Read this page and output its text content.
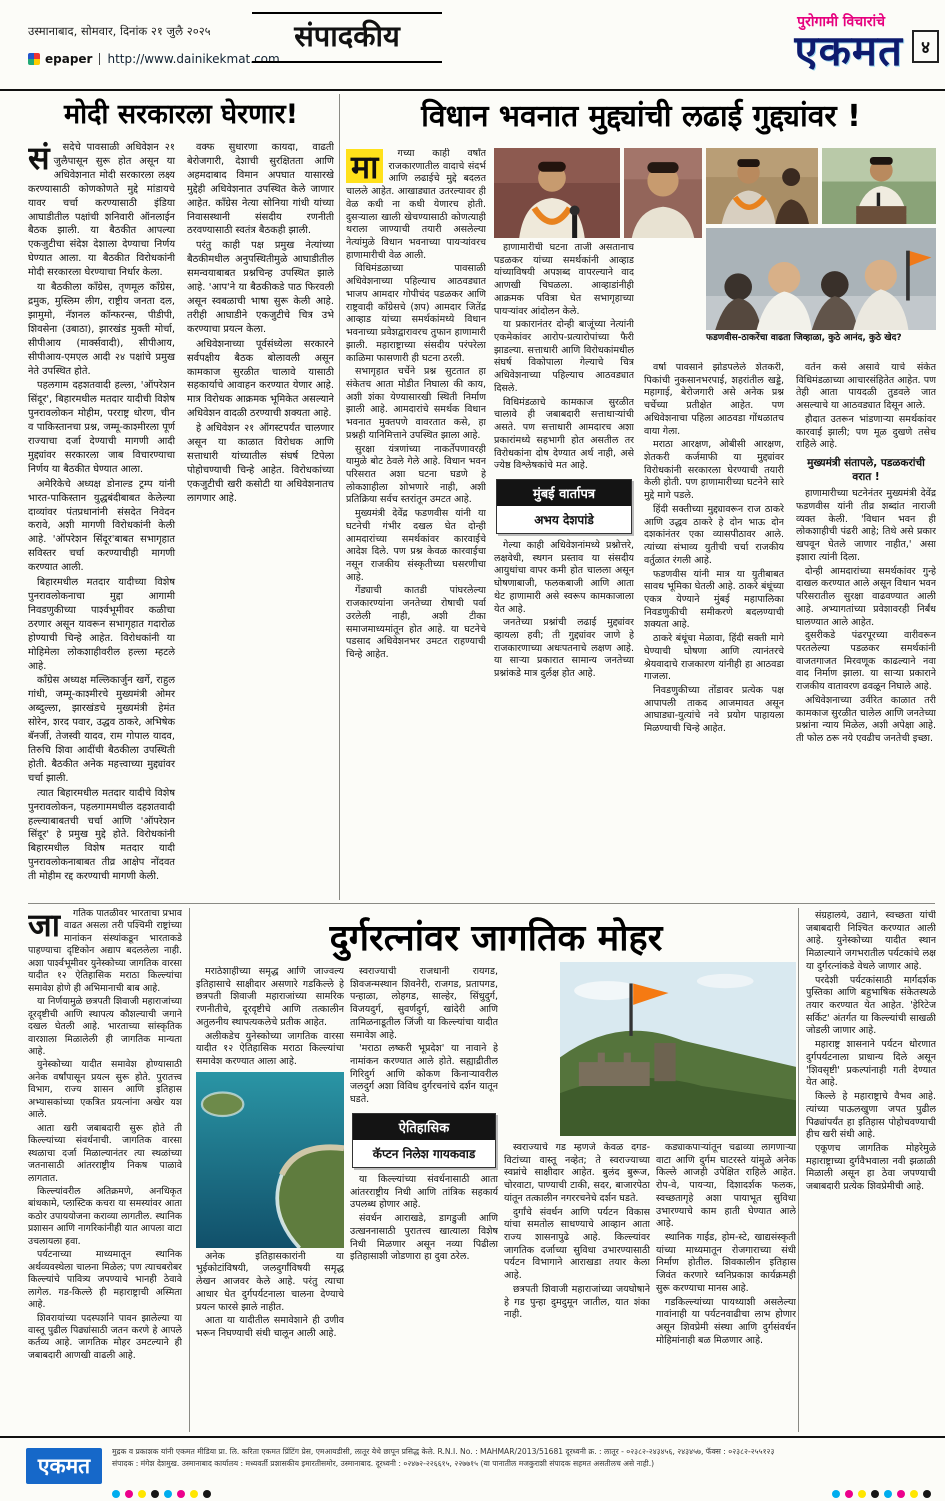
उस्मानाबाद, सोमवार, दिनांक २१ जुलै २०२५
epaper http://www.dainikekmat.com
संपादकीय	पुरोगामी विचारांचे
एकमत	४
मोदी सरकारला घेरणार!

सं	सदेचे पावसाळी अधिवेशन २१ जुलैपासून सुरू होत असून या अधिवेशनात मोदी सरकारला लक्ष्य करण्यासाठी कोणकोणते मुद्दे मांडायचे यावर चर्चा करण्यासाठी इंडिया आघाडीतील पक्षांची शनिवारी ऑनलाईन बैठक झाली. या बैठकीत आपल्या एकजुटीचा संदेश देशाला देण्याचा निर्णय घेण्यात आला. या बैठकीत विरोधकांनी मोदी सरकारला घेरण्याचा निर्धार केला.

या बैठकीला काँग्रेस, तृणमूल काँग्रेस, द्रमुक, मुस्लिम लीग, राष्ट्रीय जनता दल, झामुमो, नॅशनल कॉन्फरन्स, पीडीपी, शिवसेना (उबाठा), झारखंड मुक्ती मोर्चा, सीपीआय (मार्क्सवादी), सीपीआय, सीपीआय-एमएल आदी २४ पक्षांचे प्रमुख नेते उपस्थित होते.

पहलगाम दहशतवादी हल्ला, 'ऑपरेशन सिंदूर', बिहारमधील मतदार यादीची विशेष पुनरावलोकन मोहीम, परराष्ट्र धोरण, चीन व पाकिस्तानचा प्रश्न, जम्मू-काश्मीरला पूर्ण राज्याचा दर्जा देण्याची मागणी आदी मुद्द्यांवर सरकारला जाब विचारण्याचा निर्णय या बैठकीत घेण्यात आला.

अमेरिकेचे अध्यक्ष डोनाल्ड ट्रम्प यांनी भारत-पाकिस्तान युद्धबंदीबाबत केलेल्या दाव्यांवर पंतप्रधानांनी संसदेत निवेदन करावे, अशी मागणी विरोधकांनी केली आहे. 'ऑपरेशन सिंदूर'बाबत सभागृहात सविस्तर चर्चा करण्याचीही मागणी करण्यात आली.

बिहारमधील मतदार यादीच्या विशेष पुनरावलोकनाचा मुद्दा आगामी निवडणुकीच्या पार्श्वभूमीवर कळीचा ठरणार असून यावरून सभागृहात गदारोळ होण्याची चिन्हे आहेत. विरोधकांनी या मोहिमेला लोकशाहीवरील हल्ला म्हटले आहे.

काँग्रेस अध्यक्ष मल्लिकार्जुन खर्गे, राहुल गांधी, जम्मू-काश्मीरचे मुख्यमंत्री ओमर अब्दुल्ला, झारखंडचे मुख्यमंत्री हेमंत सोरेन, शरद पवार, उद्धव ठाकरे, अभिषेक बॅनर्जी, तेजस्वी यादव, राम गोपाल यादव, तिरुचि शिवा आदींची बैठकीला उपस्थिती होती. बैठकीत अनेक महत्त्वाच्या मुद्द्यांवर चर्चा झाली.

त्यात बिहारमधील मतदार यादीचे विशेष पुनरावलोकन, पहलगाममधील दहशतवादी हल्ल्याबाबतची चर्चा आणि 'ऑपरेशन सिंदूर' हे प्रमुख मुद्दे होते. विरोधकांनी बिहारमधील विशेष मतदार यादी पुनरावलोकनाबाबत तीव्र आक्षेप नोंदवत ती मोहीम रद्द करण्याची मागणी केली.

वक्फ सुधारणा कायदा, वाढती बेरोजगारी, देशाची सुरक्षितता आणि अहमदाबाद विमान अपघात यासारखे मुद्देही अधिवेशनात उपस्थित केले जाणार आहेत. काँग्रेस नेत्या सोनिया गांधी यांच्या निवासस्थानी संसदीय रणनीती ठरवण्यासाठी स्वतंत्र बैठकही झाली.

परंतु काही पक्ष प्रमुख नेत्यांच्या बैठकीमधील अनुपस्थितीमुळे आघाडीतील समन्वयाबाबत प्रश्नचिन्ह उपस्थित झाले आहे. 'आप'ने या बैठकीकडे पाठ फिरवली असून स्वबळाची भाषा सुरू केली आहे. तरीही आघाडीने एकजुटीचे चित्र उभे करण्याचा प्रयत्न केला.

अधिवेशनाच्या पूर्वसंध्येला सरकारने सर्वपक्षीय बैठक बोलावली असून कामकाज सुरळीत चालावे यासाठी सहकार्याचे आवाहन करण्यात येणार आहे. मात्र विरोधक आक्रमक भूमिकेत असल्याने अधिवेशन वादळी ठरण्याची शक्यता आहे.

हे अधिवेशन २१ ऑगस्टपर्यंत चालणार असून या काळात विरोधक आणि सत्ताधारी यांच्यातील संघर्ष टिपेला पोहोचण्याची चिन्हे आहेत. विरोधकांच्या एकजुटीची खरी कसोटी या अधिवेशनातच लागणार आहे.

विधान भवनात मुद्द्यांची लढाई गुद्द्यांवर !

मा	गच्या काही वर्षांत राजकारणातील वादाचे संदर्भ आणि लढाईचे मुद्दे बदलत चालले आहेत. आखाड्यात उतरल्यावर ही वेळ कधी ना कधी येणारच होती. दुसऱ्याला खाली खेचण्यासाठी कोणत्याही थराला जाण्याची तयारी असलेल्या नेत्यांमुळे विधान भवनाच्या पायऱ्यांवरच हाणामारीची वेळ आली.

विधिमंडळाच्या पावसाळी अधिवेशनाच्या पहिल्याच आठवड्यात भाजप आमदार गोपीचंद पडळकर आणि राष्ट्रवादी काँग्रेसचे (शप) आमदार जितेंद्र आव्हाड यांच्या समर्थकांमध्ये विधान भवनाच्या प्रवेशद्वारावरच तुफान हाणामारी झाली. महाराष्ट्राच्या संसदीय परंपरेला काळिमा फासणारी ही घटना ठरली.

सभागृहात चर्चेने प्रश्न सुटतात हा संकेतच आता मोडीत निघाला की काय, अशी शंका येण्यासारखी स्थिती निर्माण झाली आहे. आमदारांचे समर्थक विधान भवनात मुक्तपणे वावरतात कसे, हा प्रश्नही यानिमित्ताने उपस्थित झाला आहे.

सुरक्षा यंत्रणांच्या नाकर्तेपणावरही यामुळे बोट ठेवले गेले आहे. विधान भवन परिसरात अशा घटना घडणे हे लोकशाहीला शोभणारे नाही, अशी प्रतिक्रिया सर्वच स्तरांतून उमटत आहे.

मुख्यमंत्री देवेंद्र फडणवीस यांनी या घटनेची गंभीर दखल घेत दोन्ही आमदारांच्या समर्थकांवर कारवाईचे आदेश दिले. पण प्रश्न केवळ कारवाईचा नसून राजकीय संस्कृतीच्या घसरणीचा आहे.

गेंड्याची कातडी पांघरलेल्या राजकारण्यांना जनतेच्या रोषाची पर्वा उरलेली नाही, अशी टीका समाजमाध्यमांतून होत आहे. या घटनेचे पडसाद अधिवेशनभर उमटत राहण्याची चिन्हे आहेत.

फडणवीस-ठाकरेंचा वाढता जिव्हाळा, कुठे आनंद, कुठे खेद?

हाणामारीची घटना ताजी असतानाच पडळकर यांच्या समर्थकांनी आव्हाड यांच्याविषयी अपशब्द वापरल्याने वाद आणखी चिघळला. आव्हाडांनीही आक्रमक पवित्रा घेत सभागृहाच्या पायऱ्यांवर आंदोलन केले.

या प्रकारानंतर दोन्ही बाजूंच्या नेत्यांनी एकमेकांवर आरोप-प्रत्यारोपांच्या फैरी झाडल्या. सत्ताधारी आणि विरोधकांमधील संघर्ष विकोपाला गेल्याचे चित्र अधिवेशनाच्या पहिल्याच आठवड्यात दिसले.

विधिमंडळाचे कामकाज सुरळीत चालावे ही जबाबदारी सत्ताधाऱ्यांची असते. पण सत्ताधारी आमदारच अशा प्रकारांमध्ये सहभागी होत असतील तर विरोधकांना दोष देण्यात अर्थ नाही, असे ज्येष्ठ विश्लेषकांचे मत आहे.

मुंबई वार्तापत्र
अभय देशपांडे

गेल्या काही अधिवेशनांमध्ये प्रश्नोत्तरे, लक्षवेधी, स्थगन प्रस्ताव या संसदीय आयुधांचा वापर कमी होत चालला असून घोषणाबाजी, फलकबाजी आणि आता थेट हाणामारी असे स्वरूप कामकाजाला येत आहे.

जनतेच्या प्रश्नांची लढाई मुद्द्यांवर व्हायला हवी; ती गुद्द्यांवर जाणे हे राजकारणाच्या अधःपतनाचे लक्षण आहे. या साऱ्या प्रकारात सामान्य जनतेच्या प्रश्नांकडे मात्र दुर्लक्ष होत आहे.

वर्षा पावसाने झोडपलेले शेतकरी, पिकांची नुकसानभरपाई, शहरांतील खड्डे, महागाई, बेरोजगारी असे अनेक प्रश्न चर्चेच्या प्रतीक्षेत आहेत. पण अधिवेशनाचा पहिला आठवडा गोंधळातच वाया गेला.

मराठा आरक्षण, ओबीसी आरक्षण, शेतकरी कर्जमाफी या मुद्द्यांवर विरोधकांनी सरकारला घेरण्याची तयारी केली होती. पण हाणामारीच्या घटनेने सारे मुद्दे मागे पडले.

हिंदी सक्तीच्या मुद्द्यावरून राज ठाकरे आणि उद्धव ठाकरे हे दोन भाऊ दोन दशकांनंतर एका व्यासपीठावर आले. त्यांच्या संभाव्य युतीची चर्चा राजकीय वर्तुळात रंगली आहे.

फडणवीस यांनी मात्र या युतीबाबत सावध भूमिका घेतली आहे. ठाकरे बंधूंच्या एकत्र येण्याने मुंबई महापालिका निवडणुकीची समीकरणे बदलण्याची शक्यता आहे.

ठाकरे बंधूंचा मेळावा, हिंदी सक्ती मागे घेण्याची घोषणा आणि त्यानंतरचे श्रेयवादाचे राजकारण यांनीही हा आठवडा गाजला.

निवडणुकीच्या तोंडावर प्रत्येक पक्ष आपापली ताकद आजमावत असून आघाड्या-युत्यांचे नवे प्रयोग पाहायला मिळण्याची चिन्हे आहेत.

वर्तन कसे असावे याचे संकेत विधिमंडळाच्या आचारसंहितेत आहेत. पण तेही आता पायदळी तुडवले जात असल्याचे या आठवड्यात दिसून आले.

हौदात उतरून भांडणाऱ्या समर्थकांवर कारवाई झाली; पण मूळ दुखणे तसेच राहिले आहे.

मुख्यमंत्री संतापले, पडळकरांची वरात !

हाणामारीच्या घटनेनंतर मुख्यमंत्री देवेंद्र फडणवीस यांनी तीव्र शब्दांत नाराजी व्यक्त केली. 'विधान भवन ही लोकशाहीची पंढरी आहे; तिथे असे प्रकार खपवून घेतले जाणार नाहीत,' असा इशारा त्यांनी दिला.

दोन्ही आमदारांच्या समर्थकांवर गुन्हे दाखल करण्यात आले असून विधान भवन परिसरातील सुरक्षा वाढवण्यात आली आहे. अभ्यागतांच्या प्रवेशावरही निर्बंध घालण्यात आले आहेत.

दुसरीकडे पंढरपूरच्या वारीवरून परतलेल्या पडळकर समर्थकांनी वाजतगाजत मिरवणूक काढल्याने नवा वाद निर्माण झाला. या साऱ्या प्रकाराने राजकीय वातावरण ढवळून निघाले आहे.

अधिवेशनाच्या उर्वरित काळात तरी कामकाज सुरळीत चालेल आणि जनतेच्या प्रश्नांना न्याय मिळेल, अशी अपेक्षा आहे. ती फोल ठरू नये एवढीच जनतेची इच्छा.

जा	गतिक पातळीवर भारताचा प्रभाव वाढत असला तरी पश्चिमी राष्ट्रांच्या मानांकन संस्थांकडून भारताकडे पाहण्याचा दृष्टिकोन अद्याप बदललेला नाही. अशा पार्श्वभूमीवर युनेस्कोच्या जागतिक वारसा यादीत १२ ऐतिहासिक मराठा किल्ल्यांचा समावेश होणे ही अभिमानाची बाब आहे.

या निर्णयामुळे छत्रपती शिवाजी महाराजांच्या दूरदृष्टीची आणि स्थापत्य कौशल्याची जगाने दखल घेतली आहे. भारताच्या सांस्कृतिक वारशाला मिळालेली ही जागतिक मान्यता आहे.

युनेस्कोच्या यादीत समावेश होण्यासाठी अनेक वर्षांपासून प्रयत्न सुरू होते. पुरातत्त्व विभाग, राज्य शासन आणि इतिहास अभ्यासकांच्या एकत्रित प्रयत्नांना अखेर यश आले.

आता खरी जबाबदारी सुरू होते ती किल्ल्यांच्या संवर्धनाची. जागतिक वारसा स्थळाचा दर्जा मिळाल्यानंतर त्या स्थळांच्या जतनासाठी आंतरराष्ट्रीय निकष पाळावे लागतात.

किल्ल्यांवरील अतिक्रमणे, अनधिकृत बांधकामे, प्लास्टिक कचरा या समस्यांवर आता कठोर उपाययोजना कराव्या लागतील. स्थानिक प्रशासन आणि नागरिकांनीही यात आपला वाटा उचलायला हवा.

पर्यटनाच्या माध्यमातून स्थानिक अर्थव्यवस्थेला चालना मिळेल; पण त्याचबरोबर किल्ल्यांचे पावित्र्य जपण्याचे भानही ठेवावे लागेल. गड-किल्ले ही महाराष्ट्राची अस्मिता आहे.

शिवरायांच्या पदस्पर्शाने पावन झालेल्या या वास्तू पुढील पिढ्यांसाठी जतन करणे हे आपले कर्तव्य आहे. जागतिक मोहर उमटल्याने ही जबाबदारी आणखी वाढली आहे.

दुर्गरत्नांवर जागतिक मोहर

मराठेशाहीच्या समृद्ध आणि जाज्वल्य इतिहासाचे साक्षीदार असणारे गडकिल्ले हे छत्रपती शिवाजी महाराजांच्या सामरिक रणनीतीचे, दूरदृष्टीचे आणि तत्कालीन अतुलनीय स्थापत्यकलेचे प्रतीक आहेत.

अलीकडेच युनेस्कोच्या जागतिक वारसा यादीत १२ ऐतिहासिक मराठा किल्ल्यांचा समावेश करण्यात आला आहे.

अनेक इतिहासकारांनी या भुईकोटांविषयी, जलदुर्गांविषयी समृद्ध लेखन आजवर केले आहे. परंतु त्याचा आधार घेत दुर्गपर्यटनाला चालना देण्याचे प्रयत्न फारसे झाले नाहीत.

आता या यादीतील समावेशाने ही उणीव भरून निघण्याची संधी चालून आली आहे.

स्वराज्याची राजधानी रायगड, शिवजन्मस्थान शिवनेरी, राजगड, प्रतापगड, पन्हाळा, लोहगड, साल्हेर, सिंधुदुर्ग, विजयदुर्ग, सुवर्णदुर्ग, खांदेरी आणि तामिळनाडूतील जिंजी या किल्ल्यांचा यादीत समावेश आहे.

'मराठा लष्करी भूप्रदेश' या नावाने हे नामांकन करण्यात आले होते. सह्याद्रीतील गिरिदुर्ग आणि कोकण किनाऱ्यावरील जलदुर्ग अशा विविध दुर्गरचनांचे दर्शन यातून घडते.

ऐतिहासिक
कॅप्टन निलेश गायकवाड

या किल्ल्यांच्या संवर्धनासाठी आता आंतरराष्ट्रीय निधी आणि तांत्रिक सहकार्य उपलब्ध होणार आहे.

संवर्धन आराखडे, डागडुजी आणि उत्खननासाठी पुरातत्त्व खात्याला विशेष निधी मिळणार असून नव्या पिढीला इतिहासाशी जोडणारा हा दुवा ठरेल.

स्वराज्याचे गड म्हणजे केवळ दगड-विटांच्या वास्तू नव्हेत; ते स्वराज्याच्या स्वप्नांचे साक्षीदार आहेत. बुलंद बुरूज, चोरवाटा, पाण्याची टाकी, सदर, बाजारपेठा यांतून तत्कालीन नगररचनेचे दर्शन घडते.

दुर्गांचे संवर्धन आणि पर्यटन विकास यांचा समतोल साधण्याचे आव्हान आता राज्य शासनापुढे आहे. किल्ल्यांवर जागतिक दर्जाच्या सुविधा उभारण्यासाठी पर्यटन विभागाने आराखडा तयार केला आहे.

छत्रपती शिवाजी महाराजांच्या जयघोषाने हे गड पुन्हा दुमदुमून जातील, यात शंका नाही.

कड्याकपाऱ्यांतून चढाव्या लागणाऱ्या वाटा आणि दुर्गम घाटरस्ते यांमुळे अनेक किल्ले आजही उपेक्षित राहिले आहेत. रोप-वे, पायऱ्या, दिशादर्शक फलक, स्वच्छतागृहे अशा पायाभूत सुविधा उभारण्याचे काम हाती घेण्यात आले आहे.

स्थानिक गाईड, होम-स्टे, खाद्यसंस्कृती यांच्या माध्यमातून रोजगाराच्या संधी निर्माण होतील. शिवकालीन इतिहास जिवंत करणारे ध्वनिप्रकाश कार्यक्रमही सुरू करण्याचा मानस आहे.

गडकिल्ल्यांच्या पायथ्याशी असलेल्या गावांनाही या पर्यटनवाढीचा लाभ होणार असून शिवप्रेमी संस्था आणि दुर्गसंवर्धन मोहिमांनाही बळ मिळणार आहे.

संग्रहालये, उद्याने, स्वच्छता यांची जबाबदारी निश्चित करण्यात आली आहे. युनेस्कोच्या यादीत स्थान मिळाल्याने जगभरातील पर्यटकांचे लक्ष या दुर्गरत्नांकडे वेधले जाणार आहे.

परदेशी पर्यटकांसाठी मार्गदर्शक पुस्तिका आणि बहुभाषिक संकेतस्थळे तयार करण्यात येत आहेत. 'हेरिटेज सर्किट' अंतर्गत या किल्ल्यांची साखळी जोडली जाणार आहे.

महाराष्ट्र शासनाने पर्यटन धोरणात दुर्गपर्यटनाला प्राधान्य दिले असून 'शिवसृष्टी' प्रकल्पांनाही गती देण्यात येत आहे.

किल्ले हे महाराष्ट्राचे वैभव आहे. त्यांच्या पाऊलखुणा जपत पुढील पिढ्यांपर्यंत हा इतिहास पोहोचवण्याची हीच खरी संधी आहे.

एकूणच जागतिक मोहरेमुळे महाराष्ट्राच्या दुर्गवैभवाला नवी झळाळी मिळाली असून हा ठेवा जपण्याची जबाबदारी प्रत्येक शिवप्रेमीची आहे.

एकमत
मुद्रक व प्रकाशक यांनी एकमत मीडिया प्रा. लि. करिता एकमत प्रिंटिंग प्रेस, एमआयडीसी, लातूर येथे छापून प्रसिद्ध केले. R.N.I. No. : MAHMAR/2013/51681 दूरध्वनी क्र. : लातूर - ०२३८२-२४३४५६, २४३४५७, फॅक्स : ०२३८२-२५५१२३
संपादक : मंगेश देशमुख. उस्मानाबाद कार्यालय : मध्यवर्ती प्रशासकीय इमारतीसमोर, उस्मानाबाद. दूरध्वनी : ०२४७२-२२६६१५, २२७७१५ (या पानातील मजकुराशी संपादक सहमत असतीलच असे नाही.)
